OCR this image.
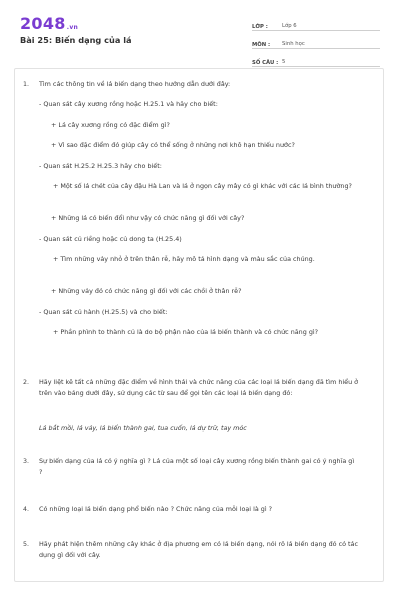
2048.vn
Bài 25: Biến dạng của lá
LỚP :	Lớp 6
MÔN :	Sinh học
SỐ CÂU : 5
1. Tìm các thông tin về lá biến dạng theo hướng dẫn dưới đây:
- Quan sát cây xương rồng hoặc H.25.1 và hãy cho biết:
+ Lá cây xương rồng có đặc điểm gì?
+ Vì sao đặc điểm đó giúp cây có thể sống ở những nơi khô hạn thiếu nước?
- Quan sát H.25.2 H.25.3 hãy cho biết:
+ Một số lá chét của cây đậu Hà Lan và lá ở ngọn cây mây có gì khác với các lá bình thường?
+ Những lá có biến đổi như vậy có chức năng gì đối với cây?
- Quan sát củ riềng hoặc củ dong ta (H.25.4)
+ Tìm những vảy nhỏ ở trên thân rễ, hãy mô tả hình dạng và màu sắc của chúng.
+ Những vảy đó có chức năng gì đối với các chồi ở thân rễ?
- Quan sát củ hành (H.25.5) và cho biết:
+ Phần phình to thành củ là do bộ phận nào của lá biến thành và có chức năng gì?
2. Hãy liệt kê tất cả những đặc điểm về hình thái và chức năng của các loại lá biến dạng đã tìm hiểu ở trên vào bảng dưới đây, sử dụng các từ sau để gọi tên các loại lá biến dạng đó:
Lá bắt mồi, lá vảy, lá biến thành gai, tua cuốn, lá dự trữ, tay móc
3. Sự biến dạng của lá có ý nghĩa gì ? Lá của một số loại cây xương rồng biến thành gai có ý nghĩa gì ?
4. Có những loại lá biến dạng phổ biến nào ? Chức năng của mỗi loại là gì ?
5. Hãy phát hiện thêm những cây khác ở địa phương em có lá biến dạng, nói rõ lá biến dạng đó có tác dụng gì đối với cây.
